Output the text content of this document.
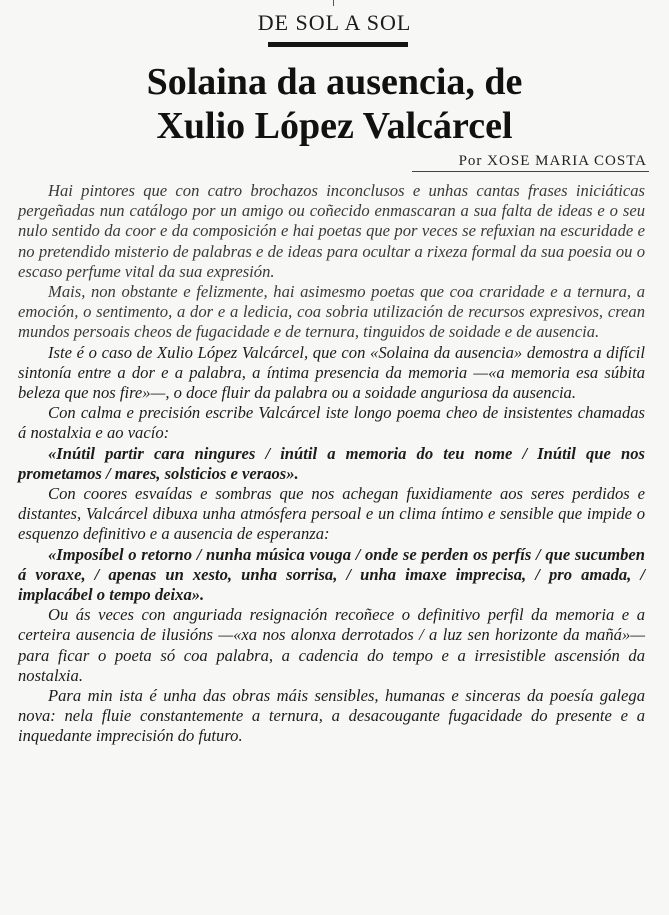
DE SOL A SOL
Solaina da ausencia, de
Xulio López Valcárcel
Por XOSE MARIA COSTA

Hai pintores que con catro brochazos inconclusos e unhas cantas frases iniciáticas pergeñadas nun catálogo por un amigo ou coñecido enmascaran a sua falta de ideas e o seu nulo sentido da coor e da composición e hai poetas que por veces se refuxian na escuridade e no pretendido misterio de palabras e de ideas para ocultar a rixeza formal da sua poesia ou o escaso perfume vital da sua expresión.

Mais, non obstante e felizmente, hai asimesmo poetas que coa craridade e a ternura, a emoción, o sentimento, a dor e a ledicia, coa sobria utilización de recursos expresivos, crean mundos persoais cheos de fugacidade e de ternura, tinguidos de soidade e de ausencia.

Iste é o caso de Xulio López Valcárcel, que con «Solaina da ausencia» demostra a difícil sintonía entre a dor e a palabra, a íntima presencia da memoria —«a memoria esa súbita beleza que nos fire»—, o doce fluir da palabra ou a soidade anguriosa da ausencia.

Con calma e precisión escribe Valcárcel iste longo poema cheo de insistentes chamadas á nostalxia e ao vacío:

«Inútil partir cara ningures / inútil a memoria do teu nome / Inútil que nos prometamos / mares, solsticios e veraos».

Con coores esvaídas e sombras que nos achegan fuxidiamente aos seres perdidos e distantes, Valcárcel dibuxa unha atmósfera persoal e un clima íntimo e sensible que impide o esquenzo definitivo e a ausencia de esperanza:

«Imposíbel o retorno / nunha música vouga / onde se perden os perfís / que sucumben á voraxe, / apenas un xesto, unha sorrisa, / unha imaxe imprecisa, / pro amada, / implacábel o tempo deixa».

Ou ás veces con anguriada resignación recoñece o definitivo perfil da memoria e a certeira ausencia de ilusións —«xa nos alonxa derrotados / a luz sen horizonte da mañá»— para ficar o poeta só coa palabra, a cadencia do tempo e a irresistible ascensión da nostalxia.

Para min ista é unha das obras máis sensibles, humanas e sinceras da poesía galega nova: nela fluie constantemente a ternura, a desacougante fugacidade do presente e a inquedante imprecisión do futuro.
